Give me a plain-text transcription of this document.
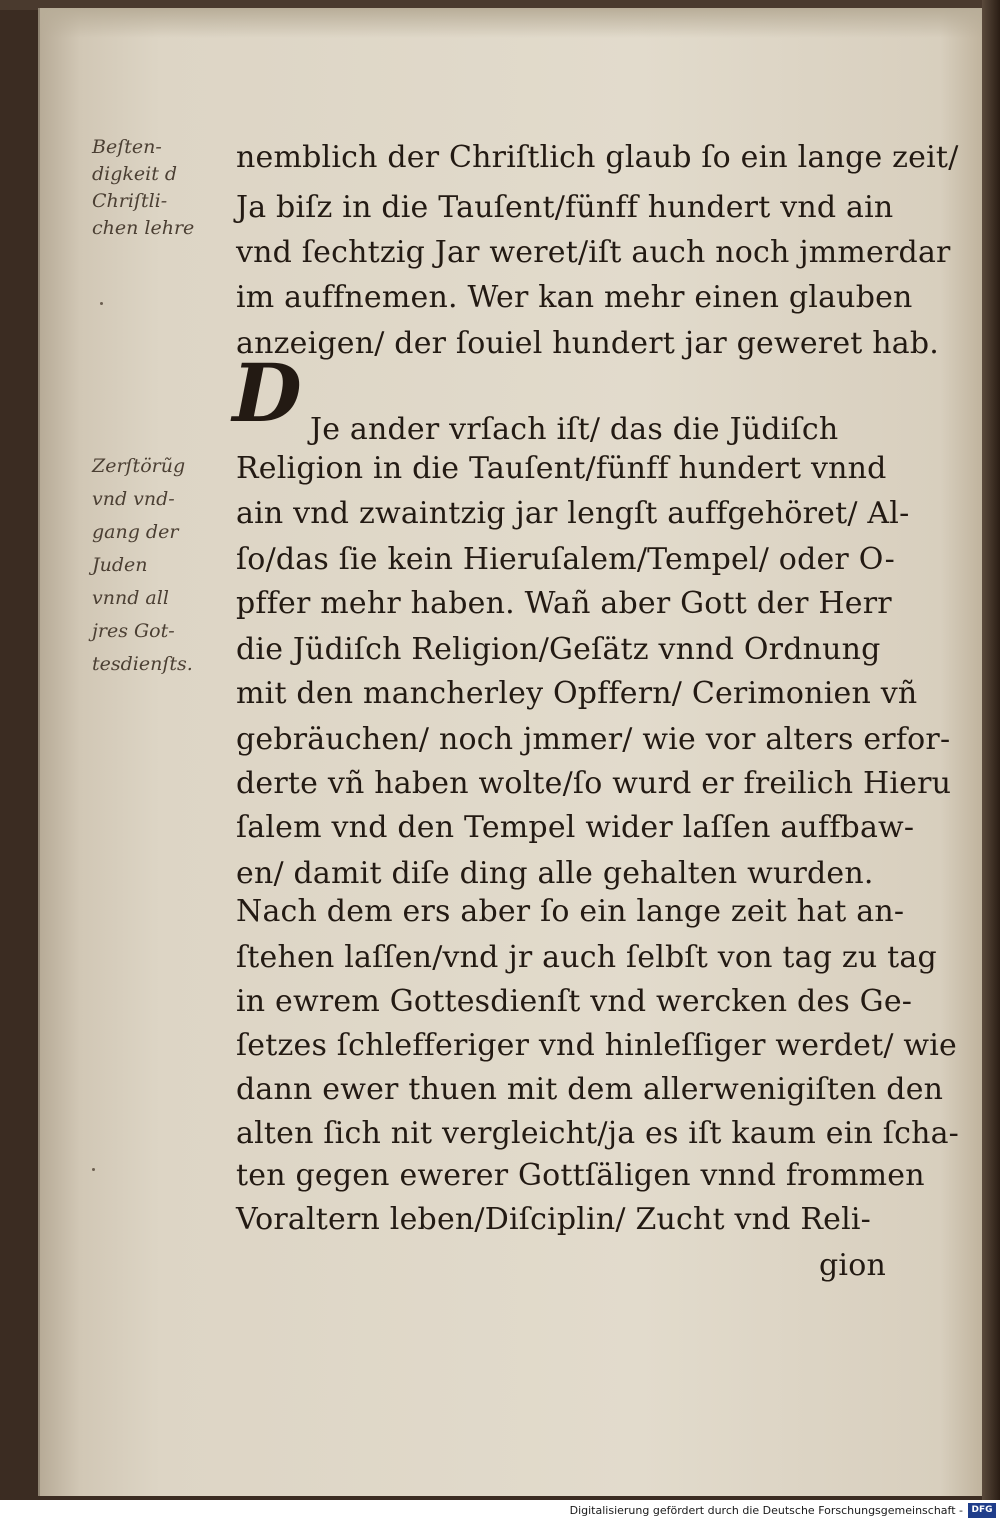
Beſten-
digkeit d
Chriſtli-
chen lehre
Zerſtörũg
vnd vnd-
gang der
Juden
vnnd all
jres Got-
tesdienſts.
D
nemblich der Chriſtlich glaub ſo ein lange zeit/
Ja biſz in die Tauſent/fünff hundert vnd ain
vnd ſechtzig Jar weret/iſt auch noch jmmerdar
im auffnemen. Wer kan mehr einen glauben
anzeigen/ der ſouiel hundert jar geweret hab.
Je ander vrſach iſt/ das die Jüdiſch
Religion in die Tauſent/fünff hundert vnnd
ain vnd zwaintzig jar lengſt auffgehöret/ Al-
ſo/das ſie kein Hieruſalem/Tempel/ oder O-
pffer mehr haben. Wañ aber Gott der Herr
die Jüdiſch Religion/Geſätz vnnd Ordnung
mit den mancherley Opffern/ Cerimonien vñ
gebräuchen/ noch jmmer/ wie vor alters erfor-
derte vñ haben wolte/ſo wurd er freilich Hieru
ſalem vnd den Tempel wider laſſen auffbaw-
en/ damit diſe ding alle gehalten wurden.
Nach dem ers aber ſo ein lange zeit hat an-
ſtehen laſſen/vnd jr auch ſelbſt von tag zu tag
in ewrem Gottesdienſt vnd wercken des Ge-
ſetzes ſchlefferiger vnd hinleſſiger werdet/ wie
dann ewer thuen mit dem allerwenigiſten den
alten ſich nit vergleicht/ja es iſt kaum ein ſcha-
ten gegen ewerer Gottſäligen vnnd frommen
Voraltern leben/Diſciplin/ Zucht vnd Reli-
gion
Digitalisierung gefördert durch die Deutsche Forschungsgemeinschaft - DFG
